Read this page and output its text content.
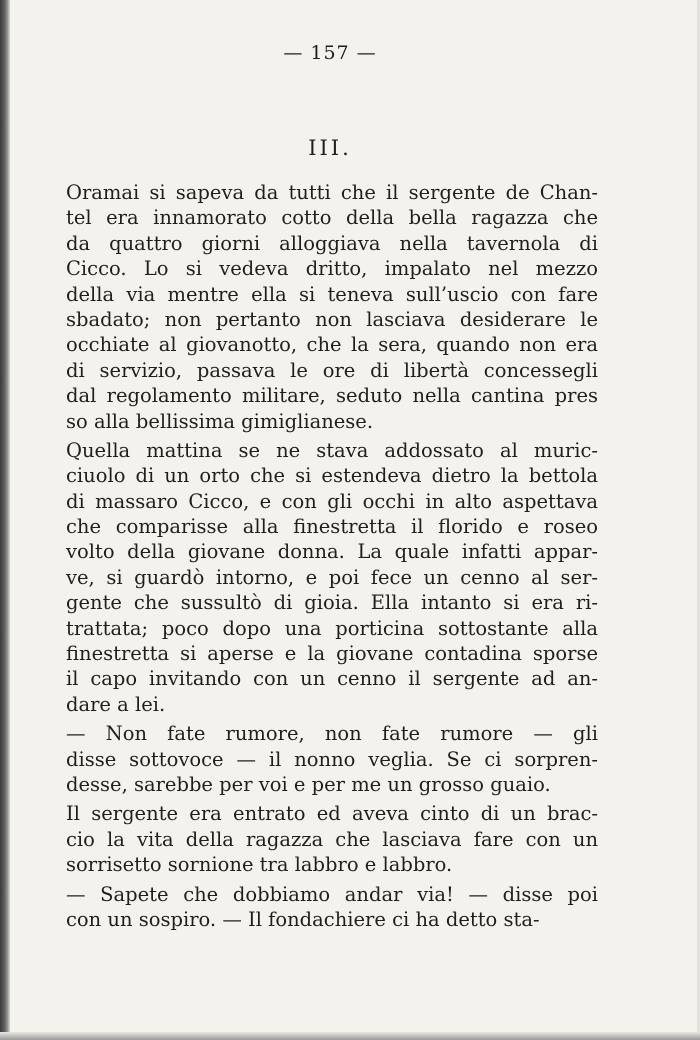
— 157 —
III.
Oramai si sapeva da tutti che il sergente de Chan-
tel era innamorato cotto della bella ragazza che
da quattro giorni alloggiava nella tavernola di
Cicco. Lo si vedeva dritto, impalato nel mezzo
della via mentre ella si teneva sull’uscio con fare
sbadato; non pertanto non lasciava desiderare le
occhiate al giovanotto, che la sera, quando non era
di servizio, passava le ore di libertà concessegli
dal regolamento militare, seduto nella cantina pres
so alla bellissima gimiglianese.
Quella mattina se ne stava addossato al muric-
ciuolo di un orto che si estendeva dietro la bettola
di massaro Cicco, e con gli occhi in alto aspettava
che comparisse alla finestretta il florido e roseo
volto della giovane donna. La quale infatti appar-
ve, si guardò intorno, e poi fece un cenno al ser-
gente che sussultò di gioia. Ella intanto si era ri-
trattata; poco dopo una porticina sottostante alla
finestretta si aperse e la giovane contadina sporse
il capo invitando con un cenno il sergente ad an-
dare a lei.
— Non fate rumore, non fate rumore — gli
disse sottovoce — il nonno veglia. Se ci sorpren-
desse, sarebbe per voi e per me un grosso guaio.
Il sergente era entrato ed aveva cinto di un brac-
cio la vita della ragazza che lasciava fare con un
sorrisetto sornione tra labbro e labbro.
— Sapete che dobbiamo andar via! — disse poi
con un sospiro. — Il fondachiere ci ha detto sta-
